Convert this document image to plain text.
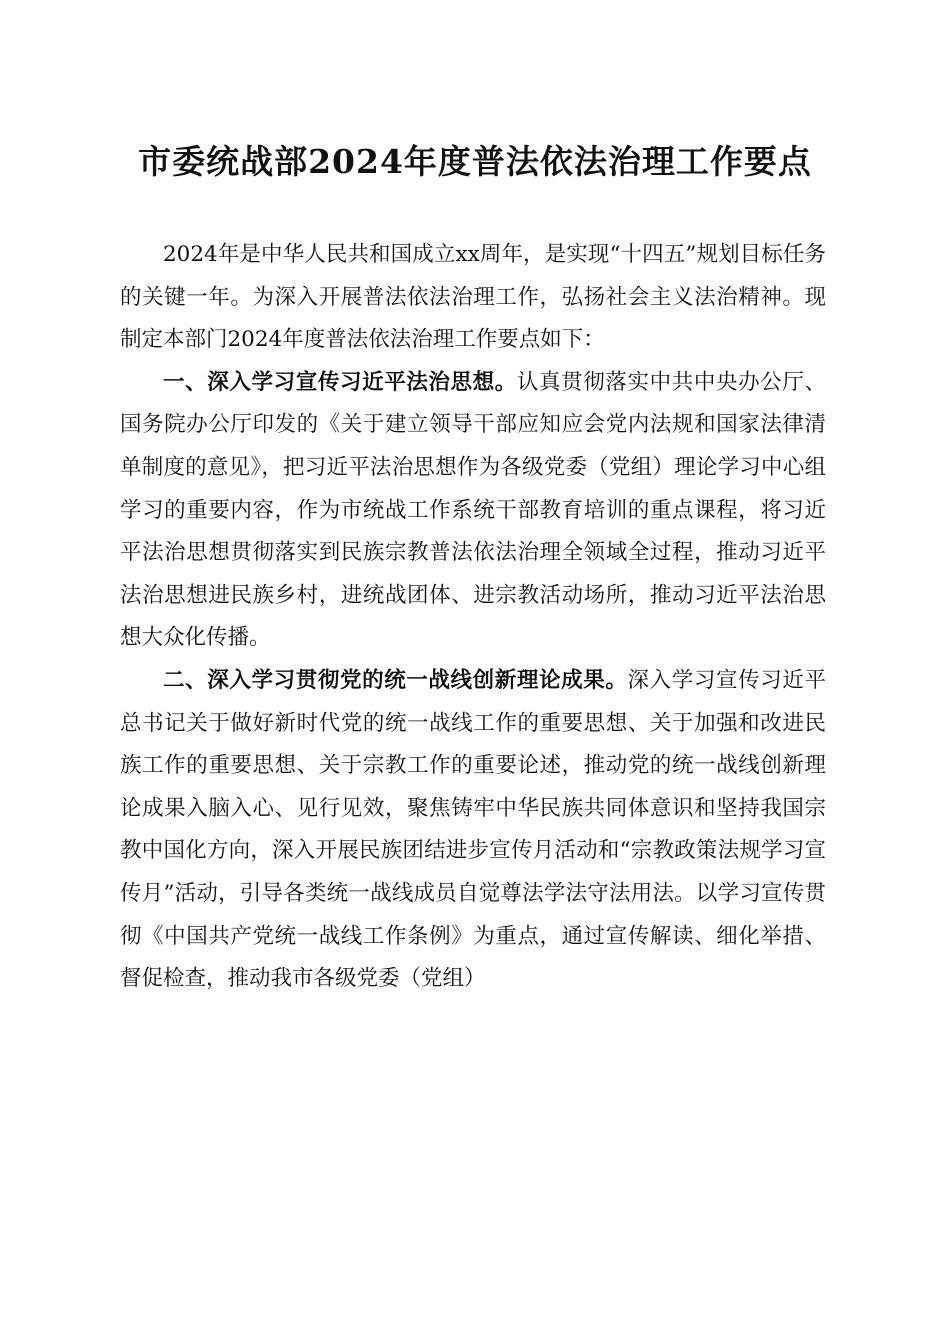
市委统战部2024年度普法依法治理工作要点

2024年是中华人民共和国成立xx周年，是实现“十四五”规划目标任务的关键一年。为深入开展普法依法治理工作，弘扬社会主义法治精神。现制定本部门2024年度普法依法治理工作要点如下：

一、深入学习宣传习近平法治思想。认真贯彻落实中共中央办公厅、国务院办公厅印发的《关于建立领导干部应知应会党内法规和国家法律清单制度的意见》，把习近平法治思想作为各级党委（党组）理论学习中心组学习的重要内容，作为市统战工作系统干部教育培训的重点课程，将习近平法治思想贯彻落实到民族宗教普法依法治理全领域全过程，推动习近平法治思想进民族乡村，进统战团体、进宗教活动场所，推动习近平法治思想大众化传播。

二、深入学习贯彻党的统一战线创新理论成果。深入学习宣传习近平总书记关于做好新时代党的统一战线工作的重要思想、关于加强和改进民族工作的重要思想、关于宗教工作的重要论述，推动党的统一战线创新理论成果入脑入心、见行见效，聚焦铸牢中华民族共同体意识和坚持我国宗教中国化方向，深入开展民族团结进步宣传月活动和“宗教政策法规学习宣传月”活动，引导各类统一战线成员自觉尊法学法守法用法。以学习宣传贯彻《中国共产党统一战线工作条例》为重点，通过宣传解读、细化举措、督促检查，推动我市各级党委（党组）
